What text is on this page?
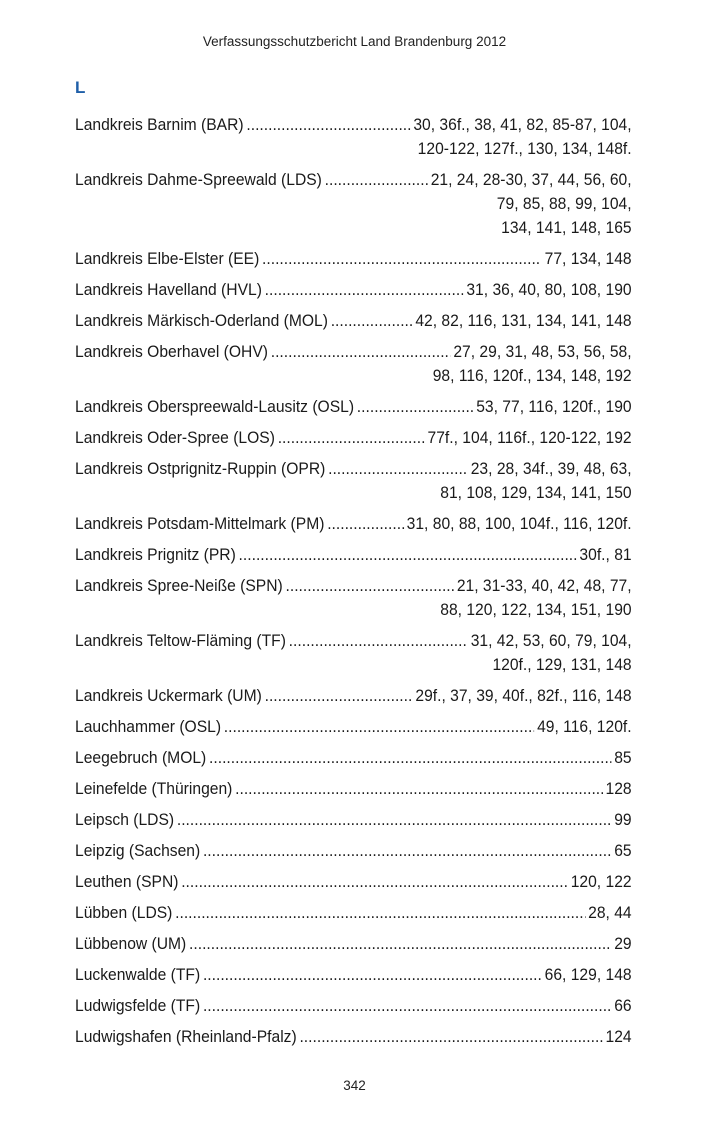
Verfassungsschutzbericht Land Brandenburg 2012
L
Landkreis Barnim (BAR) .....	30, 36f., 38, 41, 82, 85-87, 104,
120-122, 127f., 130, 134, 148f.
Landkreis Dahme-Spreewald (LDS) .....	21, 24, 28-30, 37, 44, 56, 60,
79, 85, 88, 99, 104,
134, 141, 148, 165
Landkreis Elbe-Elster (EE) .....	77, 134, 148
Landkreis Havelland (HVL) .....	31, 36, 40, 80, 108, 190
Landkreis Märkisch-Oderland (MOL) .....	42, 82, 116, 131, 134, 141, 148
Landkreis Oberhavel (OHV) .....	27, 29, 31, 48, 53, 56, 58,
98, 116, 120f., 134, 148, 192
Landkreis Oberspreewald-Lausitz (OSL) .....	53, 77, 116, 120f., 190
Landkreis Oder-Spree (LOS) .....	77f., 104, 116f., 120-122, 192
Landkreis Ostprignitz-Ruppin (OPR) .....	23, 28, 34f., 39, 48, 63,
81, 108, 129, 134, 141, 150
Landkreis Potsdam-Mittelmark (PM) .....	31, 80, 88, 100, 104f., 116, 120f.
Landkreis Prignitz (PR) .....	30f., 81
Landkreis Spree-Neiße (SPN) .....	21, 31-33, 40, 42, 48, 77,
88, 120, 122, 134, 151, 190
Landkreis Teltow-Fläming (TF) .....	31, 42, 53, 60, 79, 104,
120f., 129, 131, 148
Landkreis Uckermark (UM) .....	29f., 37, 39, 40f., 82f., 116, 148
Lauchhammer (OSL) .....	49, 116, 120f.
Leegebruch (MOL) .....	85
Leinefelde (Thüringen) .....	128
Leipsch (LDS) .....	99
Leipzig (Sachsen) .....	65
Leuthen (SPN) .....	120, 122
Lübben (LDS) .....	28, 44
Lübbenow (UM) .....	29
Luckenwalde (TF) .....	66, 129, 148
Ludwigsfelde (TF) .....	66
Ludwigshafen (Rheinland-Pfalz) .....	124
342
